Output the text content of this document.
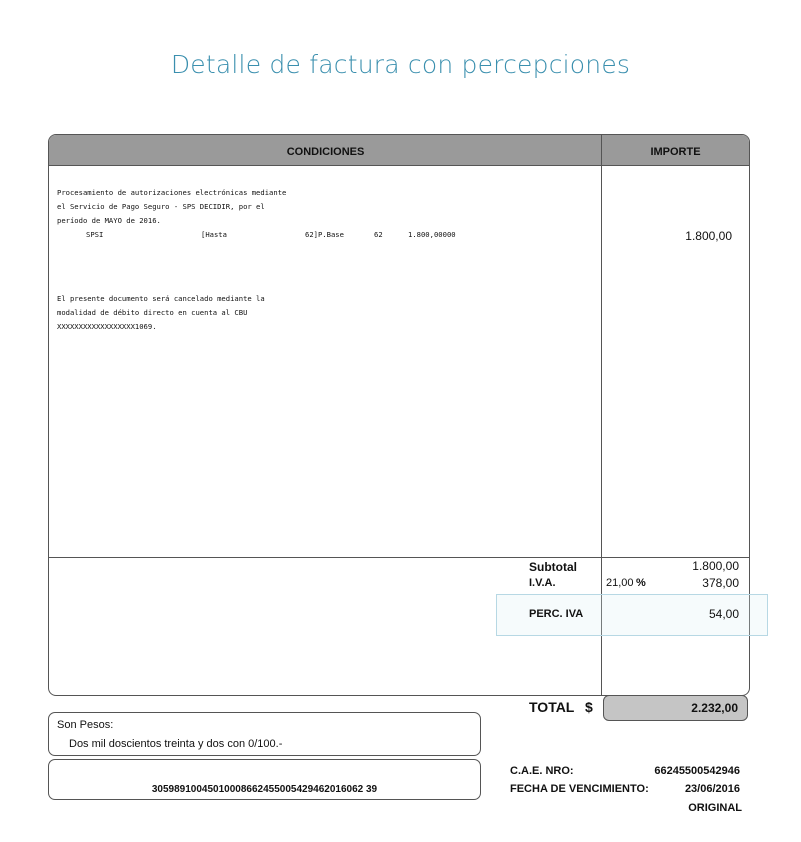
Detalle de factura con percepciones
CONDICIONES	IMPORTE
Procesamiento de autorizaciones electrónicas mediante
el Servicio de Pago Seguro - SPS DECIDIR, por el
período de MAYO de 2016.
SPSI	[Hasta	62]P.Base	62	1.800,00000	1.800,00
El presente documento será cancelado mediante la
modalidad de débito directo en cuenta al CBU
XXXXXXXXXXXXXXXXXX1069.
Subtotal	1.800,00
I.V.A.	21,00 %	378,00
PERC. IVA	54,00
TOTAL $	2.232,00
Son Pesos:
Dos mil doscientos treinta y dos con 0/100.-
30598910045010008662455005429462016062 39
C.A.E. NRO:	66245500542946
FECHA DE VENCIMIENTO:	23/06/2016
ORIGINAL
